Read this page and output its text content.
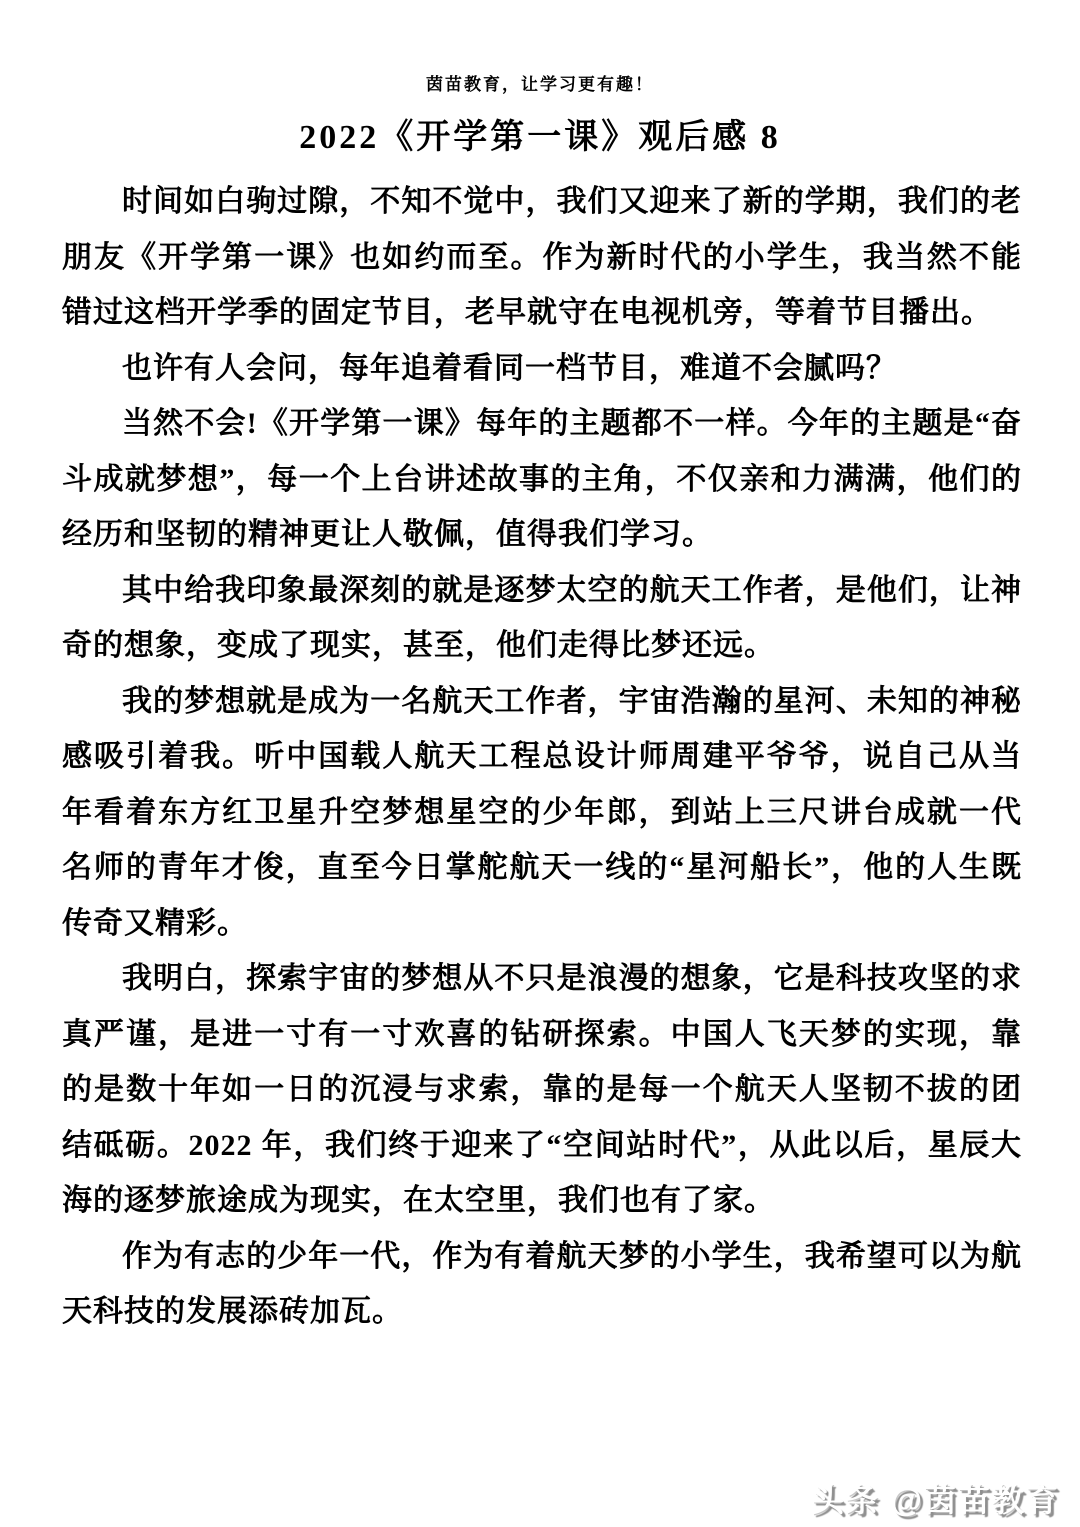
茵苗教育，让学习更有趣！
2022《开学第一课》观后感 8

时间如白驹过隙，不知不觉中，我们又迎来了新的学期，我们的老朋友《开学第一课》也如约而至。作为新时代的小学生，我当然不能错过这档开学季的固定节目，老早就守在电视机旁，等着节目播出。

也许有人会问，每年追着看同一档节目，难道不会腻吗？

当然不会!《开学第一课》每年的主题都不一样。今年的主题是“奋斗成就梦想”，每一个上台讲述故事的主角，不仅亲和力满满，他们的经历和坚韧的精神更让人敬佩，值得我们学习。

其中给我印象最深刻的就是逐梦太空的航天工作者，是他们，让神奇的想象，变成了现实，甚至，他们走得比梦还远。

我的梦想就是成为一名航天工作者，宇宙浩瀚的星河、未知的神秘感吸引着我。听中国载人航天工程总设计师周建平爷爷，说自己从当年看着东方红卫星升空梦想星空的少年郎，到站上三尺讲台成就一代名师的青年才俊，直至今日掌舵航天一线的“星河船长”，他的人生既传奇又精彩。

我明白，探索宇宙的梦想从不只是浪漫的想象，它是科技攻坚的求真严谨，是进一寸有一寸欢喜的钻研探索。中国人飞天梦的实现，靠的是数十年如一日的沉浸与求索，靠的是每一个航天人坚韧不拔的团结砥砺。2022 年，我们终于迎来了“空间站时代”，从此以后，星辰大海的逐梦旅途成为现实，在太空里，我们也有了家。

作为有志的少年一代，作为有着航天梦的小学生，我希望可以为航天科技的发展添砖加瓦。

头条 @茵苗教育
